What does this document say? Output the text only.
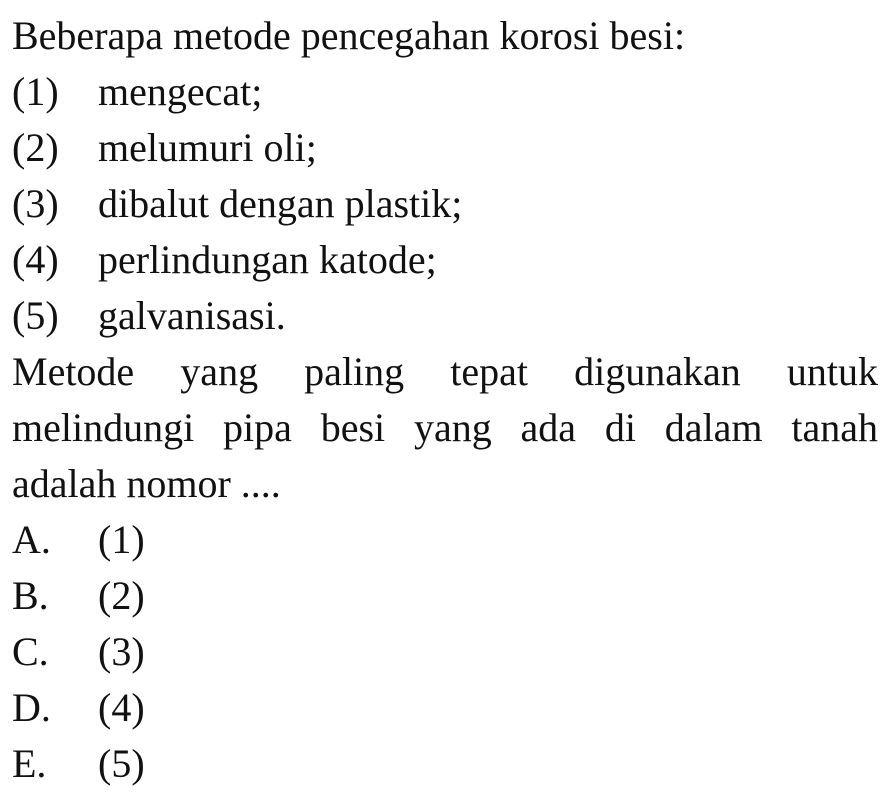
Beberapa metode pencegahan korosi besi:
(1) mengecat;
(2) melumuri oli;
(3) dibalut dengan plastik;
(4) perlindungan katode;
(5) galvanisasi.
Metode yang paling tepat digunakan untuk
melindungi pipa besi yang ada di dalam tanah
adalah nomor ....
A.	(1)
B.	(2)
C.	(3)
D.	(4)
E.	(5)
